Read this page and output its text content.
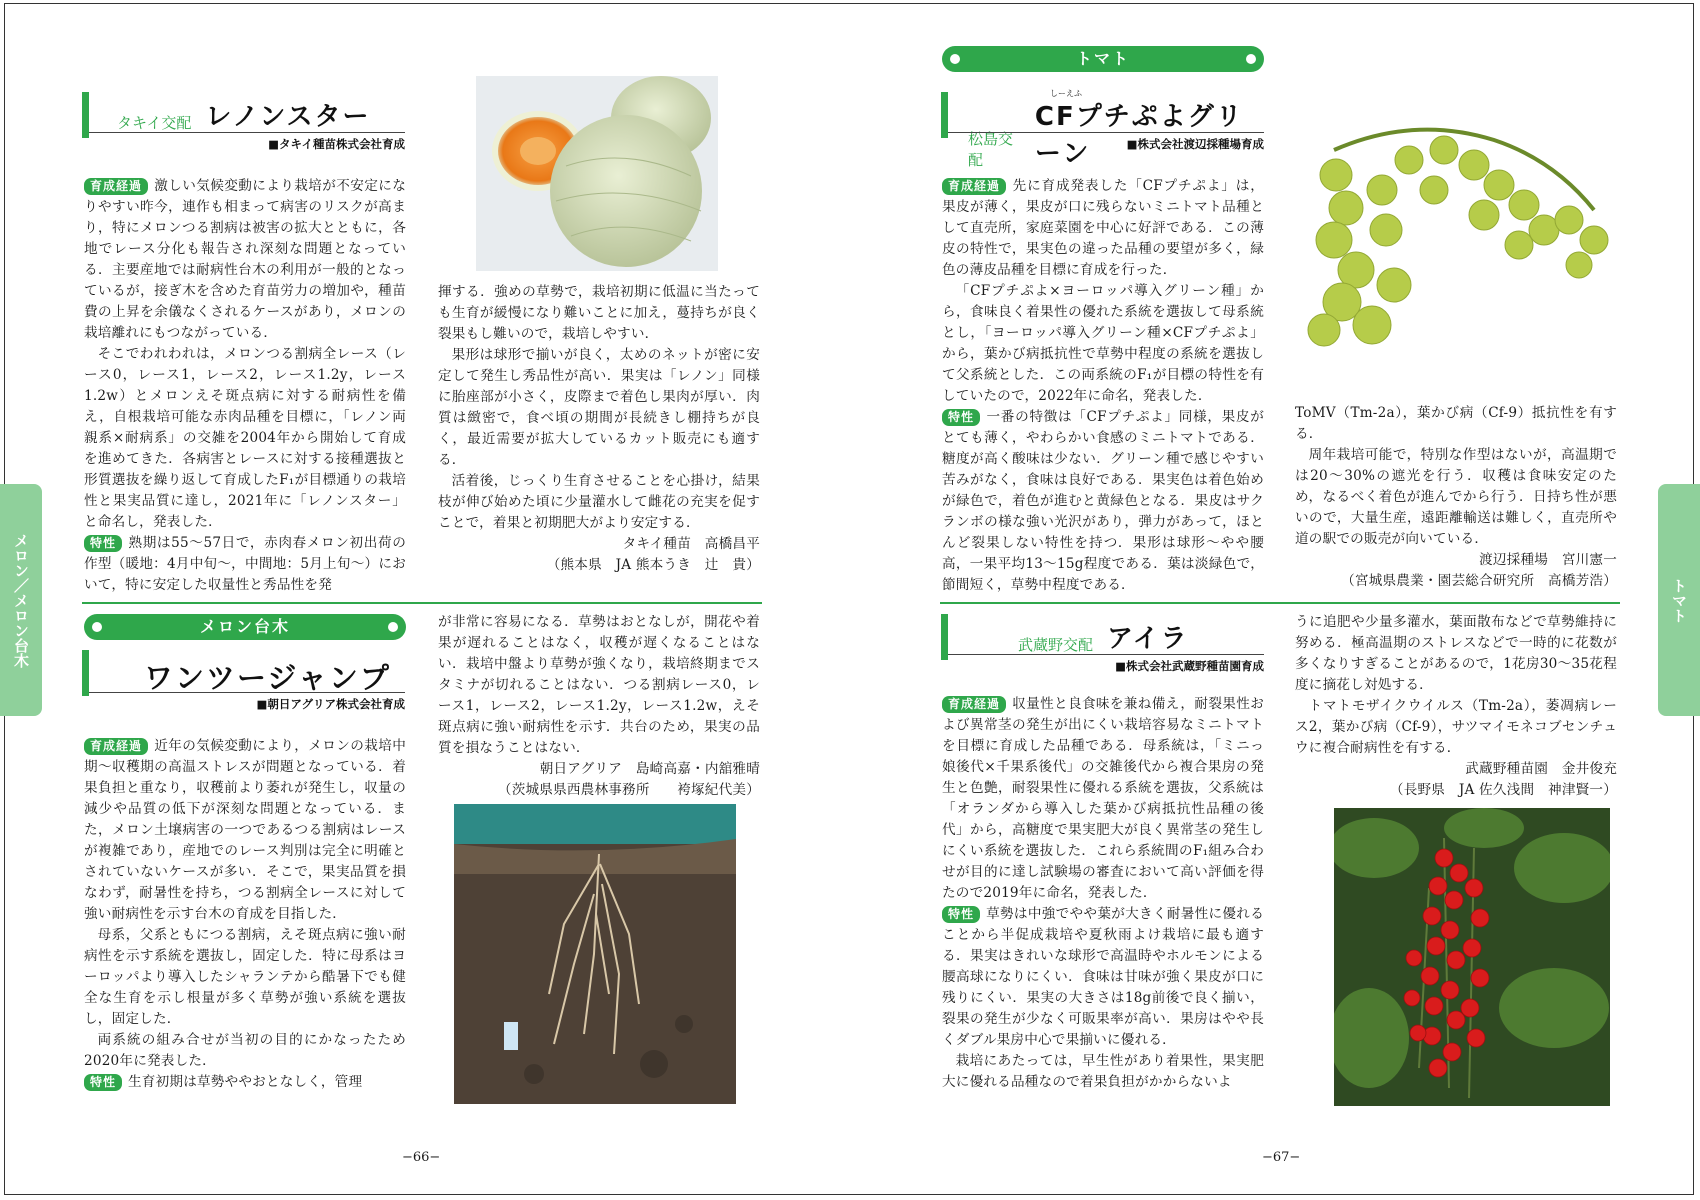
タキイ交配 レノンスター
■タキイ種苗株式会社育成

育成経過 激しい気候変動により栽培が不安定になりやすい昨今，連作も相まって病害のリスクが高まり，特にメロンつる割病は被害の拡大とともに，各地でレース分化も報告され深刻な問題となっている．主要産地では耐病性台木の利用が一般的となっているが，接ぎ木を含めた育苗労力の増加や，種苗費の上昇を余儀なくされるケースがあり，メロンの栽培離れにもつながっている．

そこでわれわれは，メロンつる割病全レース（レース0，レース1，レース2，レース1.2y，レース1.2w）とメロンえそ斑点病に対する耐病性を備え，自根栽培可能な赤肉品種を目標に，「レノン両親系×耐病系」の交雑を2004年から開始して育成を進めてきた．各病害とレースに対する接種選抜と形質選抜を繰り返して育成したF₁が目標通りの栽培性と果実品質に達し，2021年に「レノンスター」と命名し，発表した．

特性 熟期は55～57日で，赤肉春メロン初出荷の作型（暖地：4月中旬～，中間地：5月上旬～）において，特に安定した収量性と秀品性を発

揮する．強めの草勢で，栽培初期に低温に当たっても生育が緩慢になり難いことに加え，蔓持ちが良く裂果もし難いので，栽培しやすい．

果形は球形で揃いが良く，太めのネットが密に安定して発生し秀品性が高い．果実は「レノン」同様に胎座部が小さく，皮際まで着色し果肉が厚い．肉質は緻密で，食べ頃の期間が長続きし棚持ちが良く，最近需要が拡大しているカット販売にも適する．

活着後，じっくり生育させることを心掛け，結果枝が伸び始めた頃に少量灌水して雌花の充実を促すことで，着果と初期肥大がより安定する．

タキイ種苗　高橋昌平

（熊本県　JA 熊本うき　辻　貴）

メロン台木
ワンツージャンプ
■朝日アグリア株式会社育成

育成経過 近年の気候変動により，メロンの栽培中期～収穫期の高温ストレスが問題となっている．着果負担と重なり，収穫前より萎れが発生し，収量の減少や品質の低下が深刻な問題となっている．また，メロン土壌病害の一つであるつる割病はレースが複雑であり，産地でのレース判別は完全に明確とされていないケースが多い．そこで，果実品質を損なわず，耐暑性を持ち，つる割病全レースに対して強い耐病性を示す台木の育成を目指した．

母系，父系ともにつる割病，えそ斑点病に強い耐病性を示す系統を選抜し，固定した．特に母系はヨーロッパより導入したシャランテから酷暑下でも健全な生育を示し根量が多く草勢が強い系統を選抜し，固定した．

両系統の組み合せが当初の目的にかなったため2020年に発表した．

特性 生育初期は草勢ややおとなしく，管理

が非常に容易になる．草勢はおとなしが，開花や着果が遅れることはなく，収穫が遅くなることはない．栽培中盤より草勢が強くなり，栽培終期までスタミナが切れることはない．つる割病レース0，レース1，レース2，レース1.2y，レース1.2w，えそ斑点病に強い耐病性を示す．共台のため，果実の品質を損なうことはない．

朝日アグリア　島崎高嘉・内舘雅晴

（茨城県県西農林事務所　　袴塚紀代美）

−66−
メロン／メロン台木
トマト
松島交配
CFプチぷよグリーン
しーえふ
■株式会社渡辺採種場育成

育成経過 先に育成発表した「CFプチぷよ」は，果皮が薄く，果皮が口に残らないミニトマト品種として直売所，家庭菜園を中心に好評である．この薄皮の特性で，果実色の違った品種の要望が多く，緑色の薄皮品種を目標に育成を行った．

「CFプチぷよ×ヨーロッパ導入グリーン種」から，食味良く着果性の優れた系統を選抜して母系統とし，「ヨーロッパ導入グリーン種×CFプチぷよ」から，葉かび病抵抗性で草勢中程度の系統を選抜して父系統とした．この両系統のF₁が目標の特性を有していたので，2022年に命名，発表した．

特性 一番の特徴は「CFプチぷよ」同様，果皮がとても薄く，やわらかい食感のミニトマトである．糖度が高く酸味は少ない．グリーン種で感じやすい苦みがなく，食味は良好である．果実色は着色始めが緑色で，着色が進むと黄緑色となる．果皮はサクランボの様な強い光沢があり，弾力があって，ほとんど裂果しない特性を持つ．果形は球形～やや腰高，一果平均13～15g程度である．葉は淡緑色で，節間短く，草勢中程度である．

ToMV（Tm-2a），葉かび病（Cf-9）抵抗性を有する．

周年栽培可能で，特別な作型はないが，高温期では20～30%の遮光を行う．収穫は食味安定のため，なるべく着色が進んでから行う．日持ち性が悪いので，大量生産，遠距離輸送は難しく，直売所や道の駅での販売が向いている．

渡辺採種場　宮川憲一

（宮城県農業・園芸総合研究所　高橋芳浩）

武蔵野交配 アイラ
■株式会社武蔵野種苗園育成

育成経過 収量性と良食味を兼ね備え，耐裂果性および異常茎の発生が出にくい栽培容易なミニトマトを目標に育成した品種である．母系統は，「ミニっ娘後代×千果系後代」の交雑後代から複合果房の発生と色艶，耐裂果性に優れる系統を選抜，父系統は「オランダから導入した葉かび病抵抗性品種の後代」から，高糖度で果実肥大が良く異常茎の発生しにくい系統を選抜した．これら系統間のF₁組み合わせが目的に達し試験場の審査において高い評価を得たので2019年に命名，発表した．

特性 草勢は中強でやや葉が大きく耐暑性に優れることから半促成栽培や夏秋雨よけ栽培に最も適する．果実はきれいな球形で高温時やホルモンによる腰高球になりにくい．食味は甘味が強く果皮が口に残りにくい．果実の大きさは18g前後で良く揃い，裂果の発生が少なく可販果率が高い．果房はやや長くダブル果房中心で果揃いに優れる．

栽培にあたっては，早生性があり着果性，果実肥大に優れる品種なので着果負担がかからないよ

うに追肥や少量多灌水，葉面散布などで草勢維持に努める．極高温期のストレスなどで一時的に花数が多くなりすぎることがあるので，1花房30～35花程度に摘花し対処する．

トマトモザイクウイルス（Tm-2a），萎凋病レース2，葉かび病（Cf-9），サツマイモネコブセンチュウに複合耐病性を有する．

武蔵野種苗園　金井俊充

（長野県　JA 佐久浅間　神津賢一）

−67−
トマト
